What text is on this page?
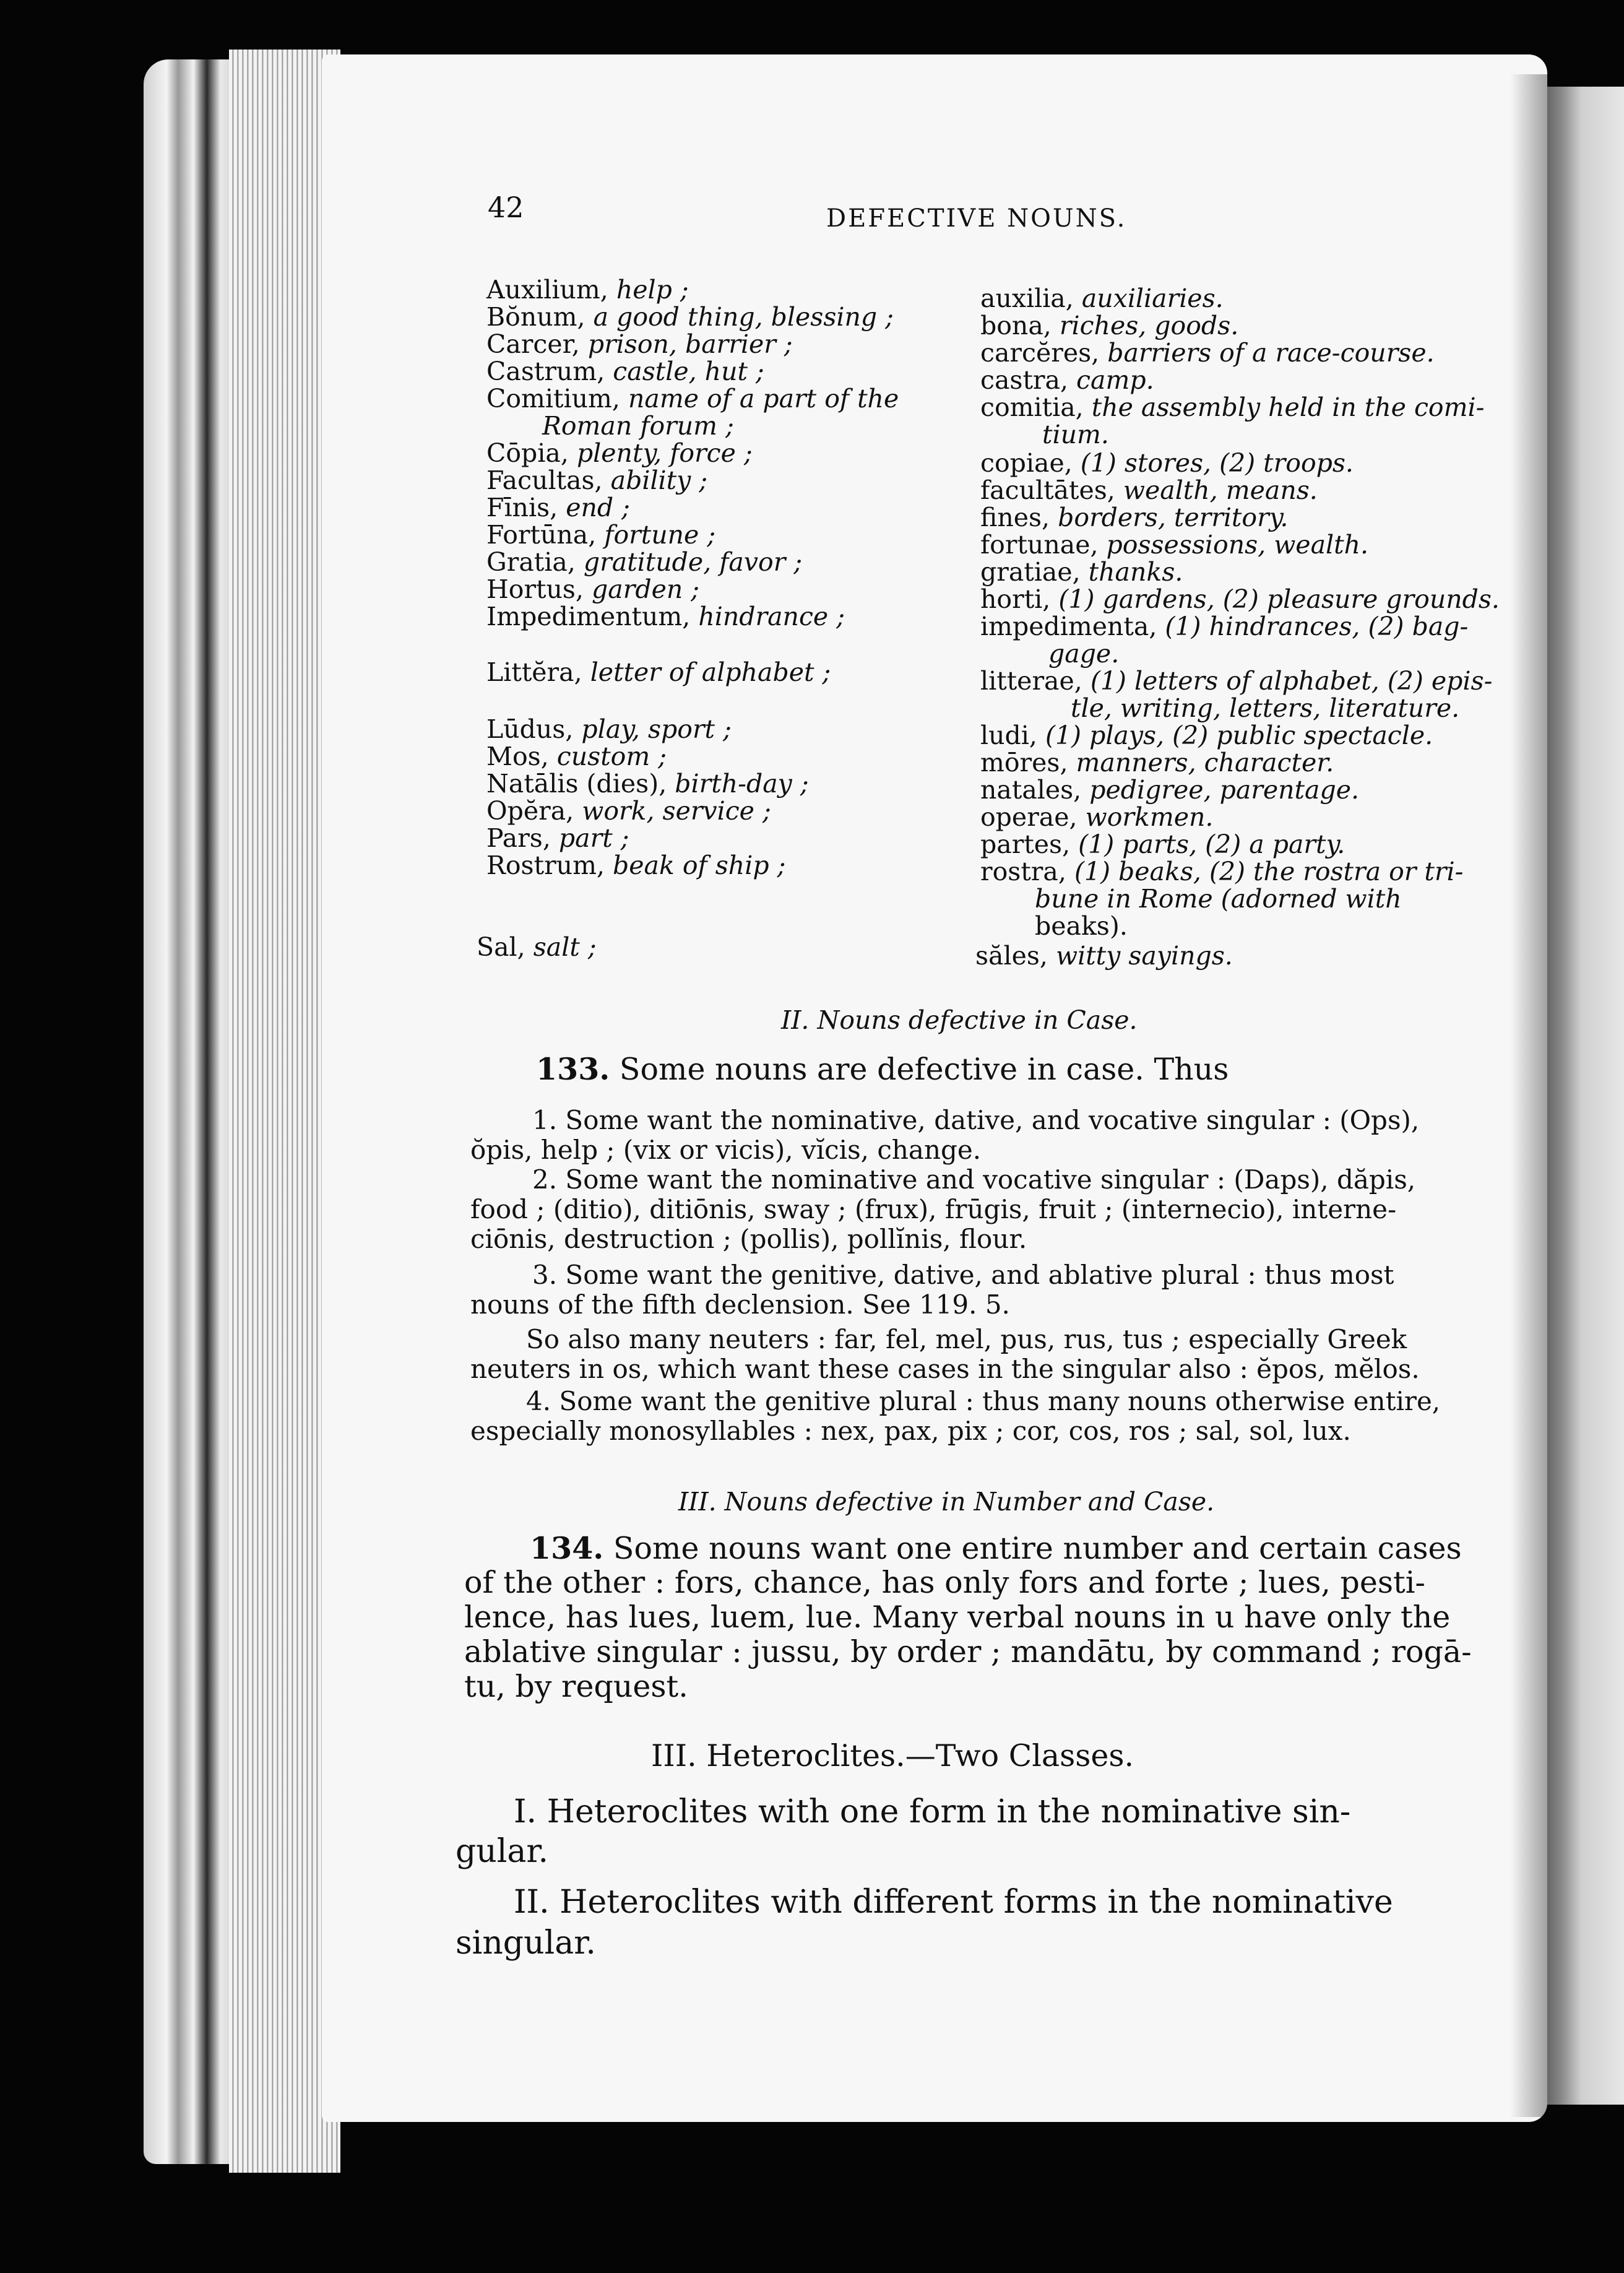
42	DEFECTIVE NOUNS.
Auxilium, help ;
Bŏnum, a good thing, blessing ;
Carcer, prison, barrier ;
Castrum, castle, hut ;
Comitium, name of a part of the
Roman forum ;
Cōpia, plenty, force ;
Facultas, ability ;
Fīnis, end ;
Fortūna, fortune ;
Gratia, gratitude, favor ;
Hortus, garden ;
Impedimentum, hindrance ;
Littĕra, letter of alphabet ;
Lūdus, play, sport ;
Mos, custom ;
Natālis (dies), birth-day ;
Opĕra, work, service ;
Pars, part ;
Rostrum, beak of ship ;
Sal, salt ;
auxilia, auxiliaries.
bona, riches, goods.
carcĕres, barriers of a race-course.
castra, camp.
comitia, the assembly held in the comi-
tium.
copiae, (1) stores, (2) troops.
facultātes, wealth, means.
fines, borders, territory.
fortunae, possessions, wealth.
gratiae, thanks.
horti, (1) gardens, (2) pleasure grounds.
impedimenta, (1) hindrances, (2) bag-
gage.
litterae, (1) letters of alphabet, (2) epis-
tle, writing, letters, literature.
ludi, (1) plays, (2) public spectacle.
mōres, manners, character.
natales, pedigree, parentage.
operae, workmen.
partes, (1) parts, (2) a party.
rostra, (1) beaks, (2) the rostra or tri-
bune in Rome (adorned with
beaks).
săles, witty sayings.
II. Nouns defective in Case.
133. Some nouns are defective in case. Thus
1. Some want the nominative, dative, and vocative singular : (Ops),
ŏpis, help ; (vix or vicis), vĭcis, change.
2. Some want the nominative and vocative singular : (Daps), dăpis,
food ; (ditio), ditiōnis, sway ; (frux), frūgis, fruit ; (internecio), interne-
ciōnis, destruction ; (pollis), pollĭnis, flour.
3. Some want the genitive, dative, and ablative plural : thus most
nouns of the fifth declension. See 119. 5.
So also many neuters : far, fel, mel, pus, rus, tus ; especially Greek
neuters in os, which want these cases in the singular also : ĕpos, mĕlos.
4. Some want the genitive plural : thus many nouns otherwise entire,
especially monosyllables : nex, pax, pix ; cor, cos, ros ; sal, sol, lux.
III. Nouns defective in Number and Case.
134. Some nouns want one entire number and certain cases
of the other : fors, chance, has only fors and forte ; lues, pesti-
lence, has lues, luem, lue. Many verbal nouns in u have only the
ablative singular : jussu, by order ; mandātu, by command ; rogā-
tu, by request.
III. Heteroclites.—Two Classes.
I. Heteroclites with one form in the nominative sin-
gular.
II. Heteroclites with different forms in the nominative
singular.
